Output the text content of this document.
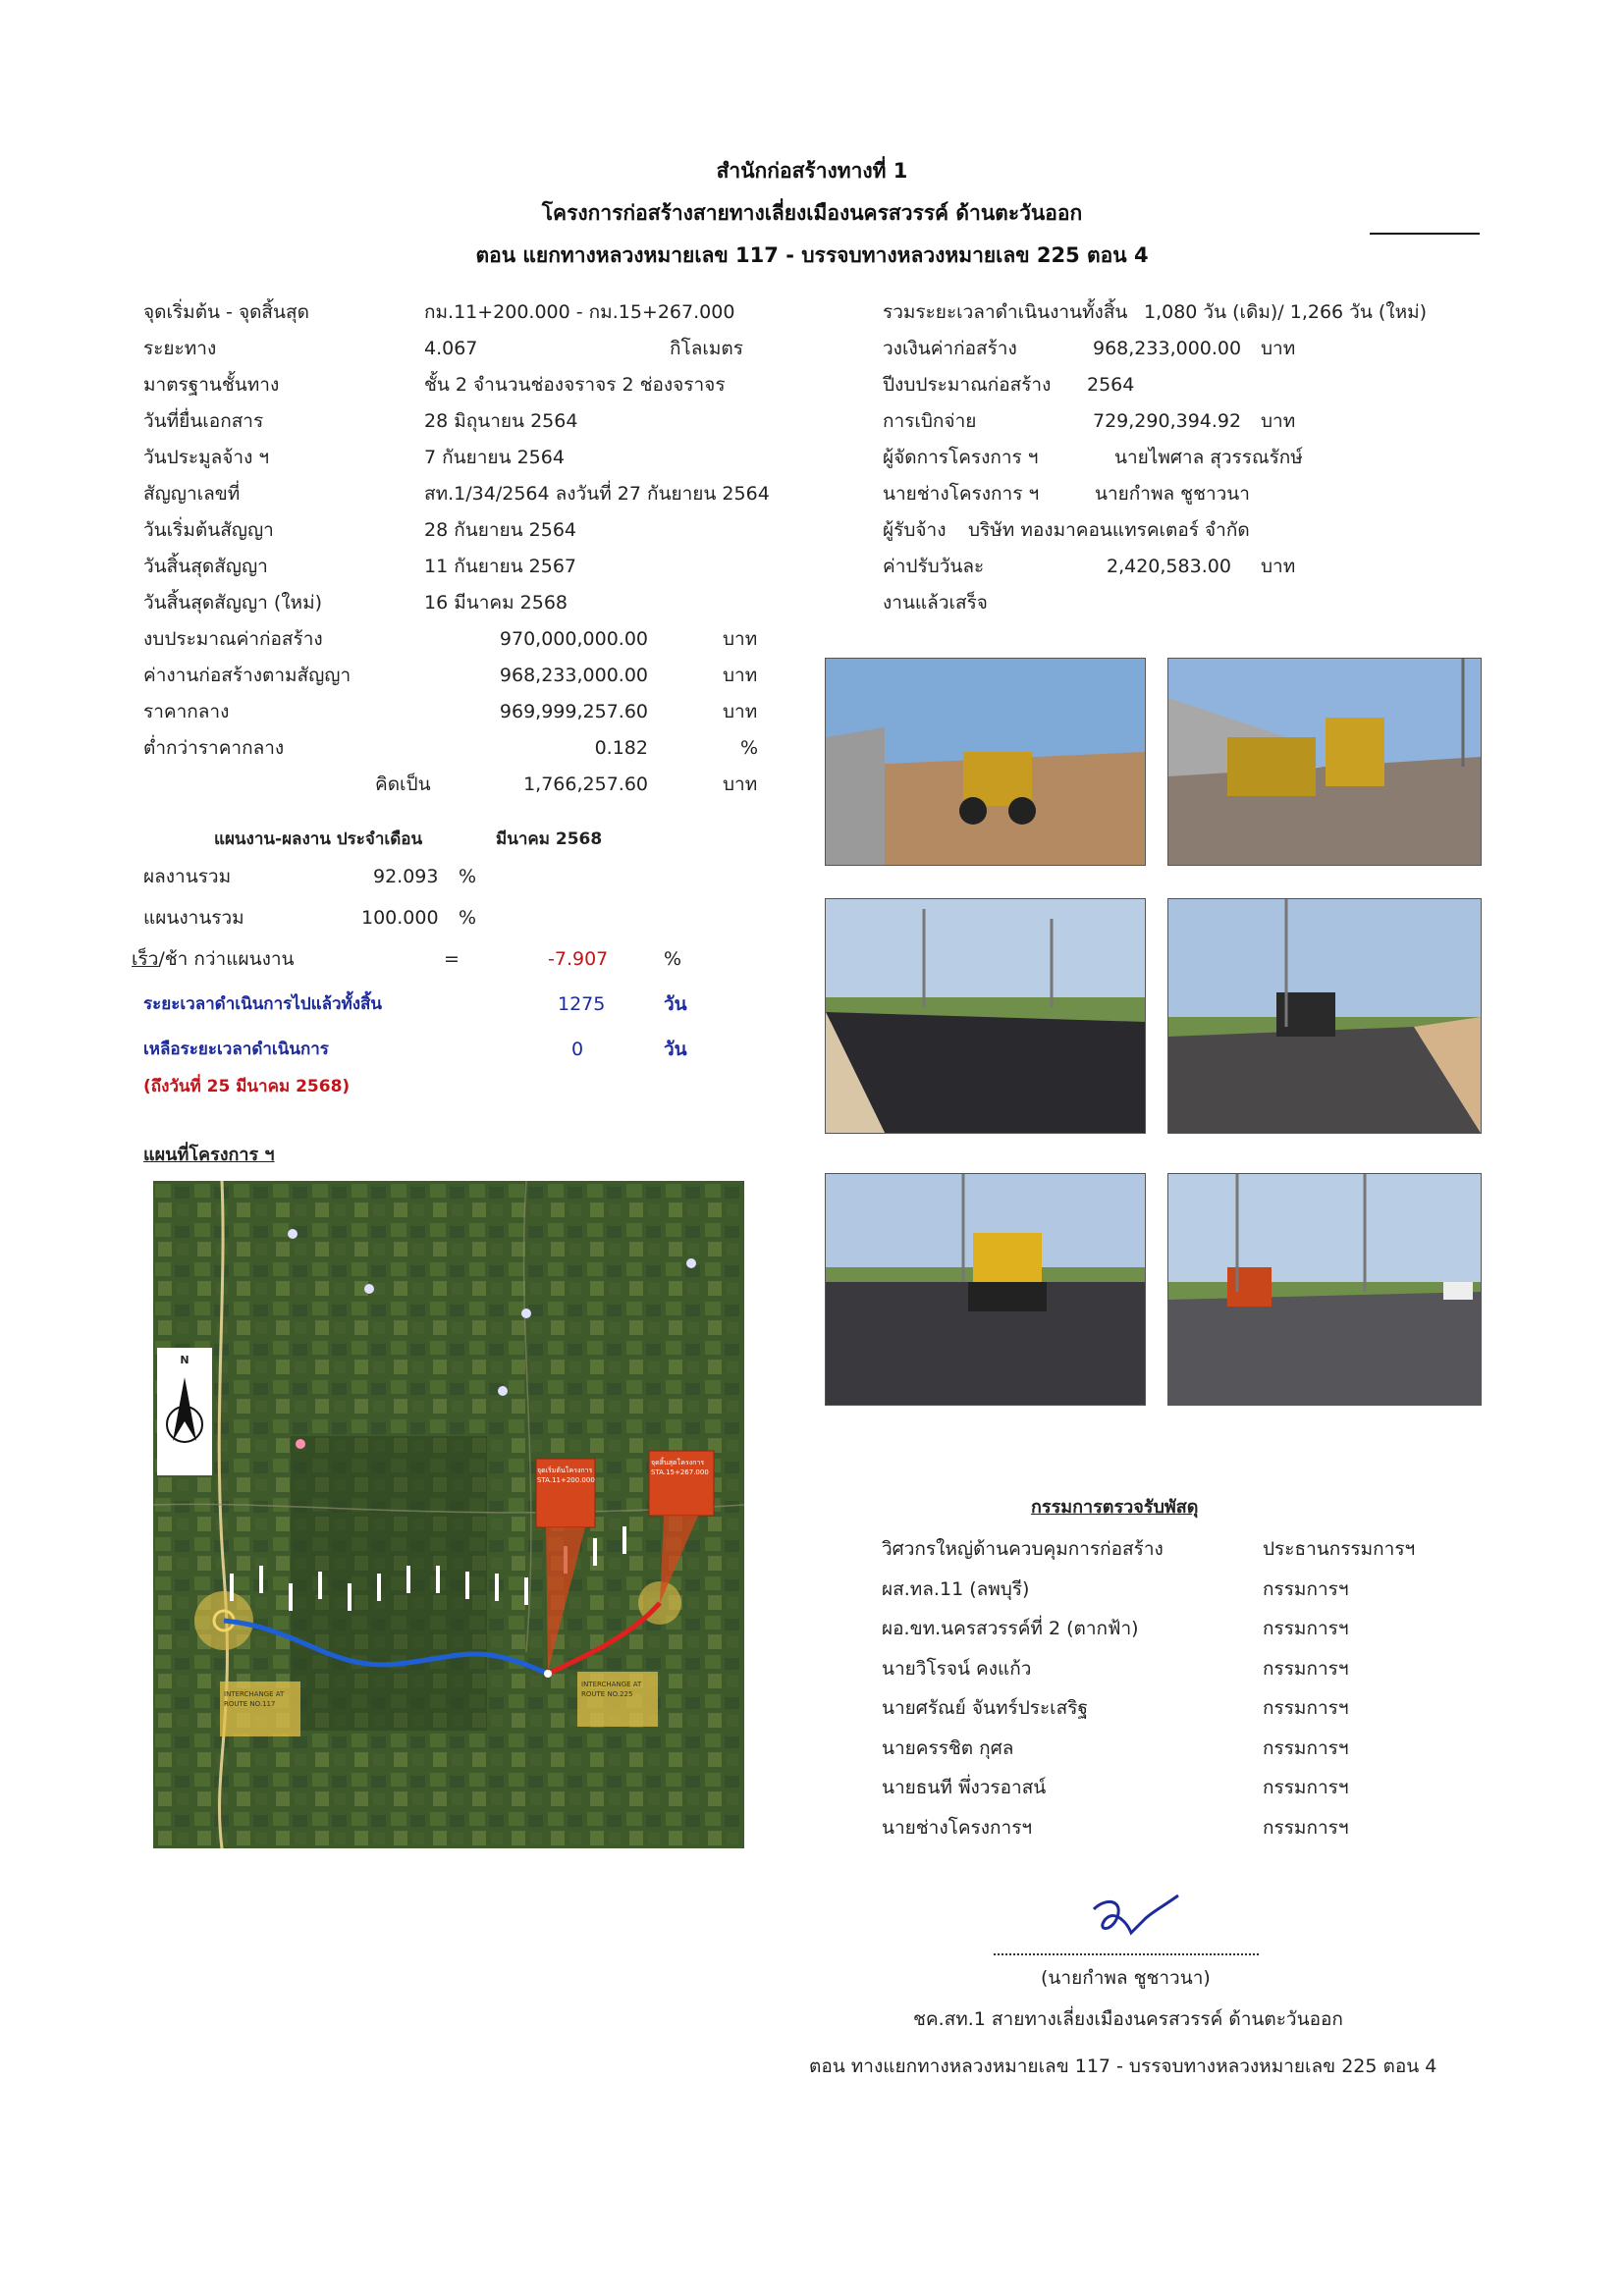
สำนักก่อสร้างทางที่ 1
โครงการก่อสร้างสายทางเลี่ยงเมืองนครสวรรค์ ด้านตะวันออก
ตอน แยกทางหลวงหมายเลข 117 - บรรจบทางหลวงหมายเลข 225 ตอน 4
จุดเริ่มต้น - จุดสิ้นสุด	กม.11+200.000 - กม.15+267.000
ระยะทาง	4.067	กิโลเมตร
มาตรฐานชั้นทาง	ชั้น 2 จำนวนช่องจราจร 2 ช่องจราจร
วันที่ยื่นเอกสาร	28 มิถุนายน 2564
วันประมูลจ้าง ฯ	7 กันยายน 2564
สัญญาเลขที่	สท.1/34/2564 ลงวันที่ 27 กันยายน 2564
วันเริ่มต้นสัญญา	28 กันยายน 2564
วันสิ้นสุดสัญญา	11 กันยายน 2567
วันสิ้นสุดสัญญา (ใหม่)	16 มีนาคม 2568
รวมระยะเวลาดำเนินงานทั้งสิ้น 1,080 วัน (เดิม)/ 1,266 วัน (ใหม่)
วงเงินค่าก่อสร้าง	968,233,000.00 บาท
ปีงบประมาณก่อสร้าง 2564
การเบิกจ่าย	729,290,394.92 บาท
ผู้จัดการโครงการ ฯ	นายไพศาล สุวรรณรักษ์
นายช่างโครงการ ฯ	นายกำพล ชูชาวนา
ผู้รับจ้าง บริษัท ทองมาคอนแทรคเตอร์ จำกัด
ค่าปรับวันละ	2,420,583.00 บาท
งานแล้วเสร็จ
แผนงาน-ผลงาน ประจำเดือน	มีนาคม 2568
ผลงานรวม	92.093 %
แผนงานรวม	100.000 %
เร็ว/ช้า กว่าแผนงาน	=	-7.907	%
ระยะเวลาดำเนินการไปแล้วทั้งสิ้น	1275	วัน
เหลือระยะเวลาดำเนินการ	0	วัน
(ถึงวันที่ 25 มีนาคม 2568)
แผนที่โครงการ ฯ
N
จุดเริ่มต้นโครงการ STA.11+200.000
จุดสิ้นสุดโครงการ STA.15+267.000
INTERCHANGE AT ROUTE NO.117
INTERCHANGE AT ROUTE NO.225
กรรมการตรวจรับพัสดุ
วิศวกรใหญ่ด้านควบคุมการก่อสร้าง	ประธานกรรมการฯ
ผส.ทล.11 (ลพบุรี)	กรรมการฯ
ผอ.ขท.นครสวรรค์ที่ 2 (ตากฟ้า)	กรรมการฯ
นายวิโรจน์ คงแก้ว	กรรมการฯ
นายศรัณย์ จันทร์ประเสริฐ	กรรมการฯ
นายครรชิต กุศล	กรรมการฯ
นายธนที พึ่งวรอาสน์	กรรมการฯ
นายช่างโครงการฯ	กรรมการฯ
(นายกำพล ชูชาวนา)
ชค.สท.1 สายทางเลี่ยงเมืองนครสวรรค์ ด้านตะวันออก
ตอน ทางแยกทางหลวงหมายเลข 117 - บรรจบทางหลวงหมายเลข 225 ตอน 4
งบประมาณค่าก่อสร้าง	970,000,000.00	บาท
ค่างานก่อสร้างตามสัญญา	968,233,000.00	บาท
ราคากลาง	969,999,257.60	บาท
ต่ำกว่าราคากลาง	0.182	%
คิดเป็น	1,766,257.60	บาท
